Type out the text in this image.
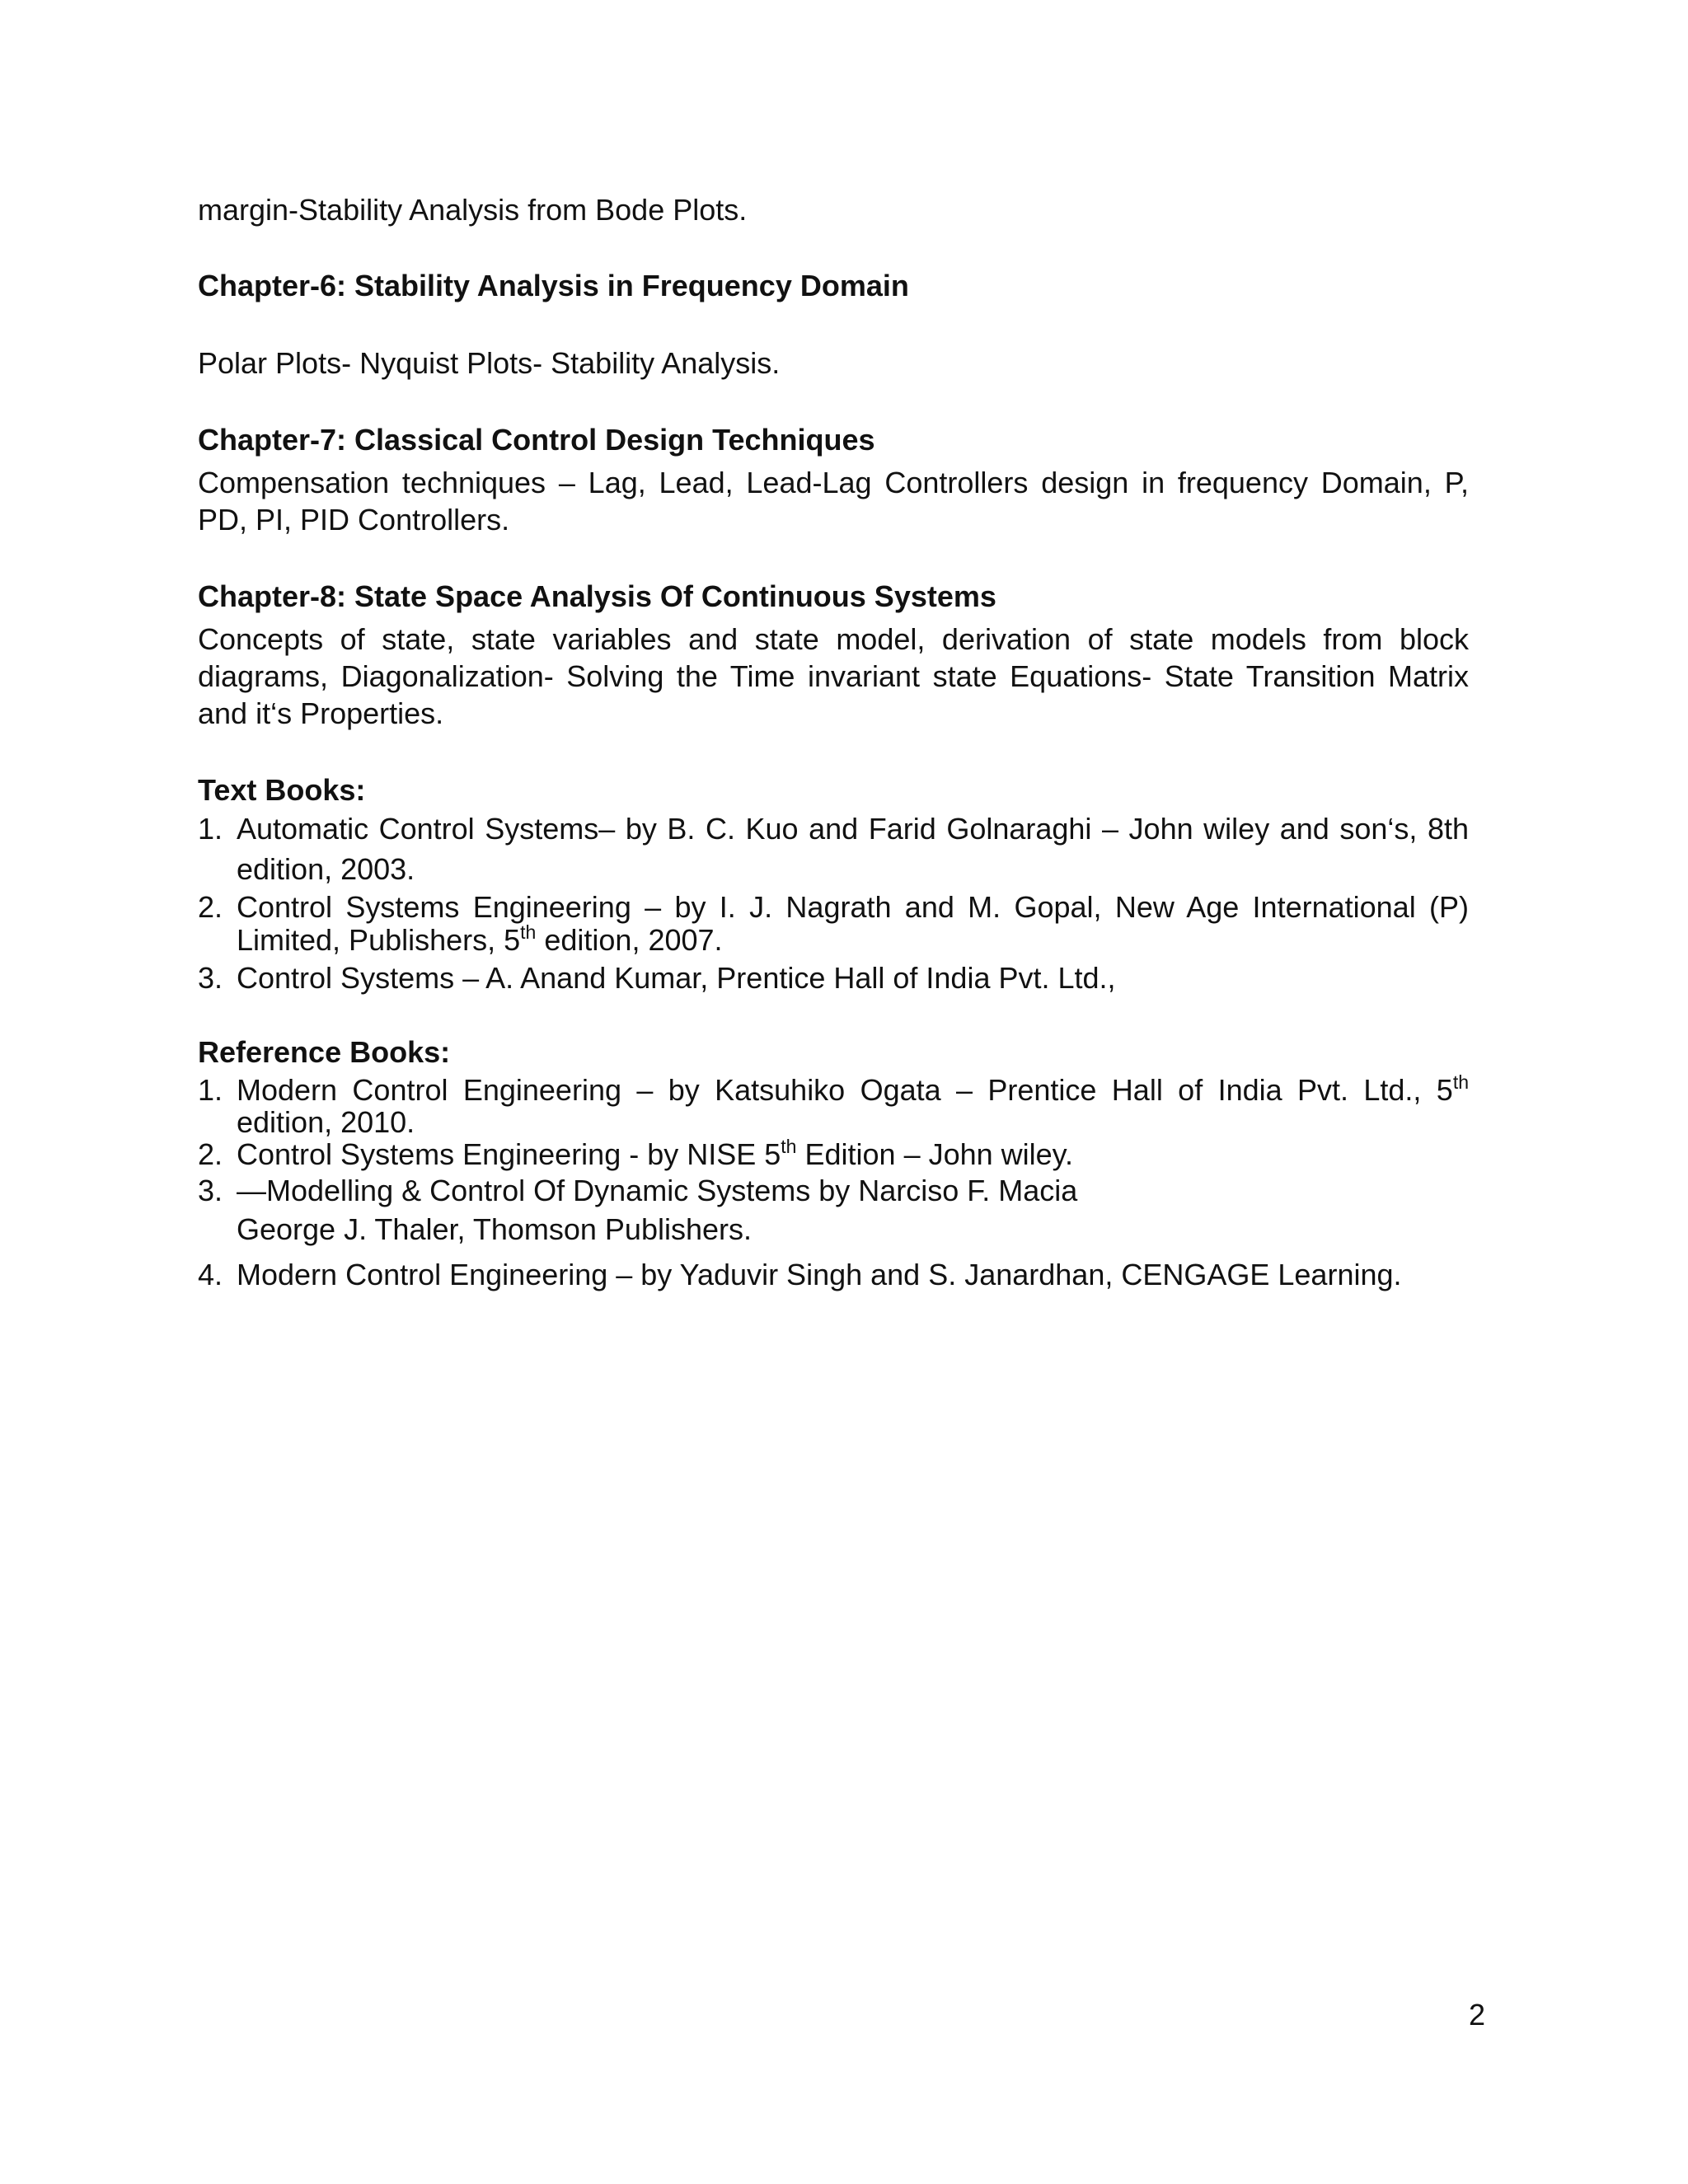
margin-Stability Analysis from Bode Plots.

Chapter-6: Stability Analysis in Frequency Domain

Polar Plots- Nyquist Plots- Stability Analysis.

Chapter-7: Classical Control Design Techniques

Compensation techniques – Lag, Lead, Lead-Lag Controllers design in frequency Domain, P, PD, PI, PID Controllers.

Chapter-8: State Space Analysis Of Continuous Systems

Concepts of state, state variables and state model, derivation of state models from block diagrams, Diagonalization- Solving the Time invariant state Equations- State Transition Matrix and it‘s Properties.

Text Books:

1. Automatic Control Systems– by B. C. Kuo and Farid Golnaraghi – John wiley and son‘s, 8th edition, 2003.
2. Control Systems Engineering – by I. J. Nagrath and M. Gopal, New Age International (P) Limited, Publishers, 5th edition, 2007.
3. Control Systems – A. Anand Kumar, Prentice Hall of India Pvt. Ltd.,

Reference Books:

1. Modern Control Engineering – by Katsuhiko Ogata – Prentice Hall of India Pvt. Ltd., 5th edition, 2010.
2. Control Systems Engineering - by NISE 5th Edition – John wiley.
3. —Modelling & Control Of Dynamic Systems by Narciso F. Macia
George J. Thaler, Thomson Publishers.
4. Modern Control Engineering – by Yaduvir Singh and S. Janardhan, CENGAGE Learning.
2
